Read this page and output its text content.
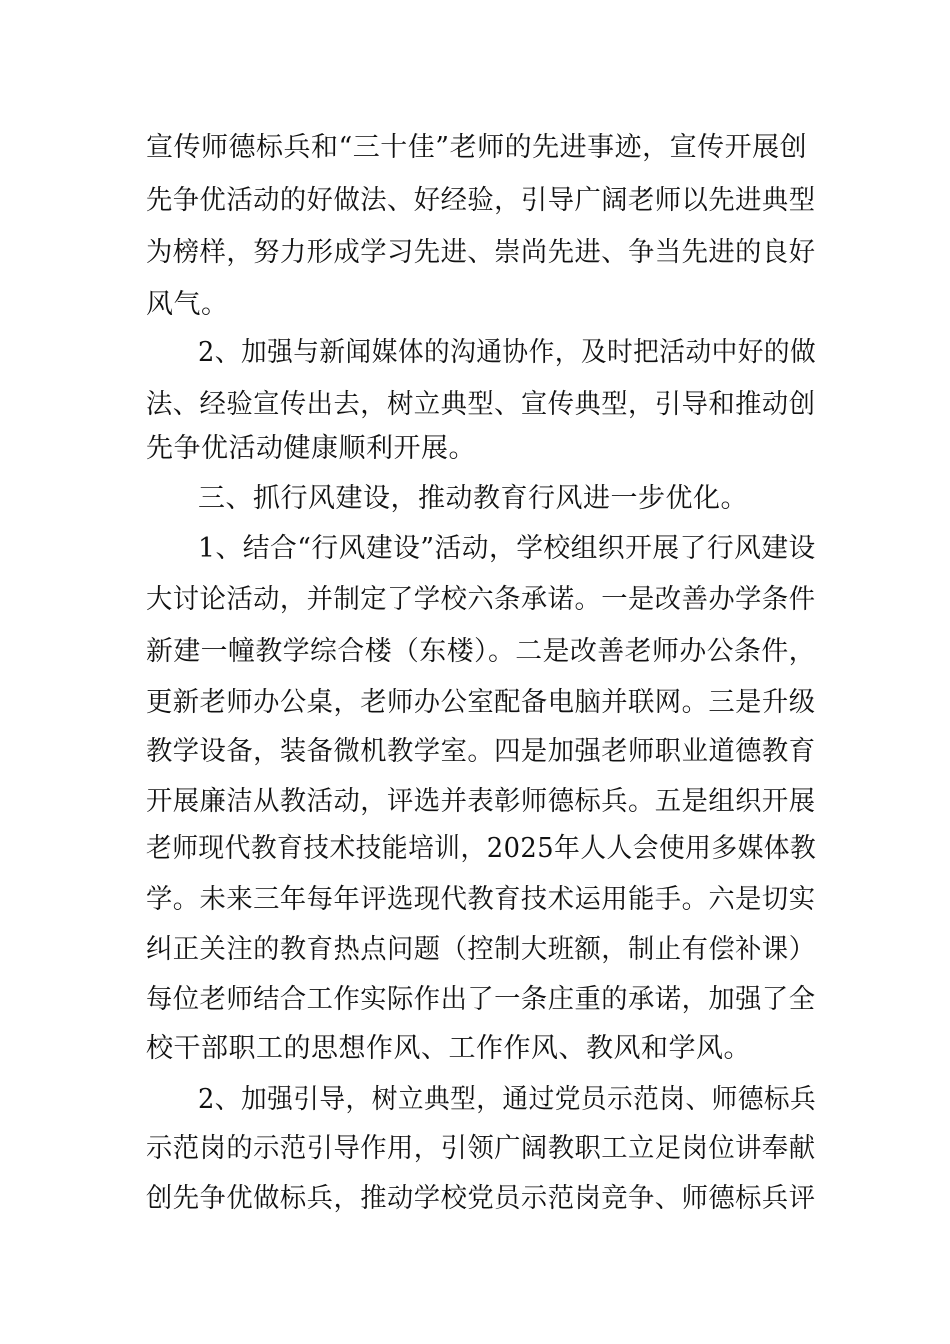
宣传师德标兵和“三十佳”老师的先进事迹，宣传开展创
先争优活动的好做法、好经验，引导广阔老师以先进典型
为榜样，努力形成学习先进、崇尚先进、争当先进的良好
风气。
2、加强与新闻媒体的沟通协作，及时把活动中好的做
法、经验宣传出去，树立典型、宣传典型，引导和推动创
先争优活动健康顺利开展。
三、抓行风建设，推动教育行风进一步优化。
1、结合“行风建设”活动，学校组织开展了行风建设
大讨论活动，并制定了学校六条承诺。一是改善办学条件
新建一幢教学综合楼（东楼）。二是改善老师办公条件，
更新老师办公桌，老师办公室配备电脑并联网。三是升级
教学设备，装备微机教学室。四是加强老师职业道德教育
开展廉洁从教活动，评选并表彰师德标兵。五是组织开展
老师现代教育技术技能培训，2025年人人会使用多媒体教
学。未来三年每年评选现代教育技术运用能手。六是切实
纠正关注的教育热点问题（控制大班额，制止有偿补课）
每位老师结合工作实际作出了一条庄重的承诺，加强了全
校干部职工的思想作风、工作作风、教风和学风。
2、加强引导，树立典型，通过党员示范岗、师德标兵
示范岗的示范引导作用，引领广阔教职工立足岗位讲奉献
创先争优做标兵，推动学校党员示范岗竞争、师德标兵评
